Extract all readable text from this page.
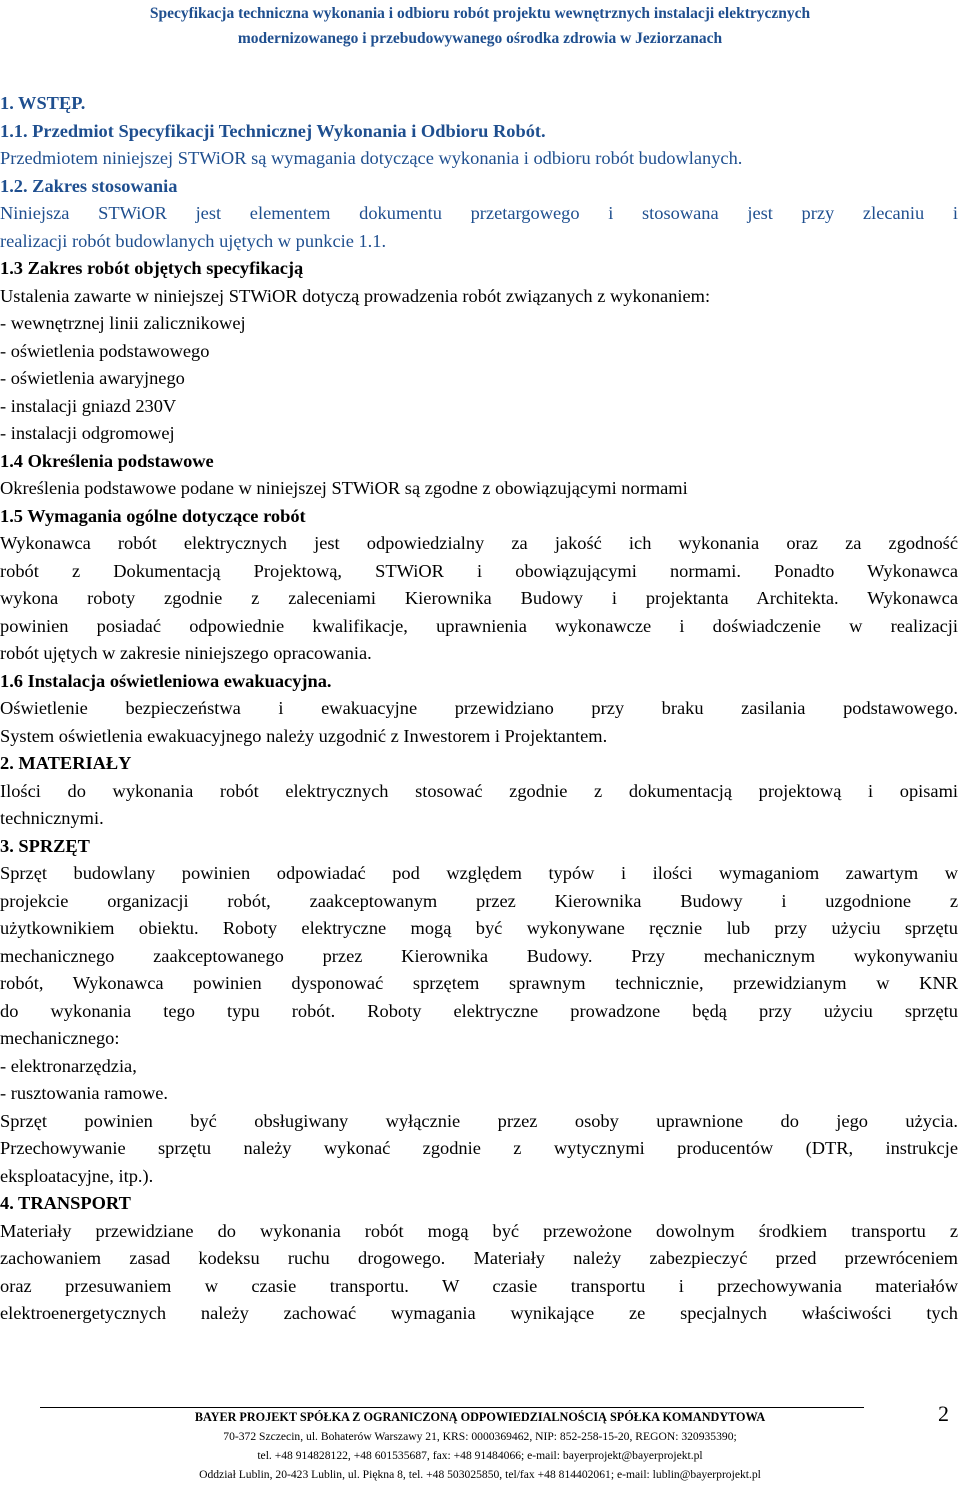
Specyfikacja techniczna wykonania i odbioru robót projektu wewnętrznych instalacji elektrycznych
modernizowanego i przebudowywanego ośrodka zdrowia w Jeziorzanach

1. WSTĘP.

1.1. Przedmiot Specyfikacji Technicznej Wykonania i Odbioru Robót.

Przedmiotem niniejszej STWiOR są wymagania dotyczące wykonania i odbioru robót budowlanych.

1.2. Zakres stosowania

Niniejsza STWiOR jest elementem dokumentu przetargowego i stosowana jest przy zlecaniu i

realizacji robót budowlanych ujętych w punkcie 1.1.

1.3 Zakres robót objętych specyfikacją

Ustalenia zawarte w niniejszej STWiOR dotyczą prowadzenia robót związanych z wykonaniem:

- wewnętrznej linii zalicznikowej

- oświetlenia podstawowego

- oświetlenia awaryjnego

- instalacji gniazd 230V

- instalacji odgromowej

1.4 Określenia podstawowe

Określenia podstawowe podane w niniejszej STWiOR są zgodne z obowiązującymi normami

1.5 Wymagania ogólne dotyczące robót

Wykonawca robót elektrycznych jest odpowiedzialny za jakość ich wykonania oraz za zgodność

robót z Dokumentacją Projektową, STWiOR i obowiązującymi normami. Ponadto Wykonawca

wykona roboty zgodnie z zaleceniami Kierownika Budowy i projektanta Architekta. Wykonawca

powinien posiadać odpowiednie kwalifikacje, uprawnienia wykonawcze i doświadczenie w realizacji

robót ujętych w zakresie niniejszego opracowania.

1.6 Instalacja oświetleniowa ewakuacyjna.

Oświetlenie bezpieczeństwa i ewakuacyjne przewidziano przy braku zasilania podstawowego.

System oświetlenia ewakuacyjnego należy uzgodnić z Inwestorem i Projektantem.

2. MATERIAŁY

Ilości do wykonania robót elektrycznych stosować zgodnie z dokumentacją projektową i opisami

technicznymi.

3. SPRZĘT

Sprzęt budowlany powinien odpowiadać pod względem typów i ilości wymaganiom zawartym w

projekcie organizacji robót, zaakceptowanym przez Kierownika Budowy i uzgodnione z

użytkownikiem obiektu. Roboty elektryczne mogą być wykonywane ręcznie lub przy użyciu sprzętu

mechanicznego zaakceptowanego przez Kierownika Budowy. Przy mechanicznym wykonywaniu

robót, Wykonawca powinien dysponować sprzętem sprawnym technicznie, przewidzianym w KNR

do wykonania tego typu robót. Roboty elektryczne prowadzone będą przy użyciu sprzętu

mechanicznego:

- elektronarzędzia,

- rusztowania ramowe.

Sprzęt powinien być obsługiwany wyłącznie przez osoby uprawnione do jego użycia.

Przechowywanie sprzętu należy wykonać zgodnie z wytycznymi producentów (DTR, instrukcje

eksploatacyjne, itp.).

4. TRANSPORT

Materiały przewidziane do wykonania robót mogą być przewożone dowolnym środkiem transportu z

zachowaniem zasad kodeksu ruchu drogowego. Materiały należy zabezpieczyć przed przewróceniem

oraz przesuwaniem w czasie transportu. W czasie transportu i przechowywania materiałów

elektroenergetycznych należy zachować wymagania wynikające ze specjalnych właściwości tych

BAYER PROJEKT SPÓŁKA Z OGRANICZONĄ ODPOWIEDZIALNOŚCIĄ SPÓŁKA KOMANDYTOWA
70-372 Szczecin, ul. Bohaterów Warszawy 21, KRS: 0000369462, NIP: 852-258-15-20, REGON: 320935390;
tel. +48 914828122, +48 601535687, fax: +48 91484066; e-mail: bayerprojekt@bayerprojekt.pl
Oddział Lublin, 20-423 Lublin, ul. Piękna 8, tel. +48 503025850, tel/fax +48 814402061; e-mail: lublin@bayerprojekt.pl
2
